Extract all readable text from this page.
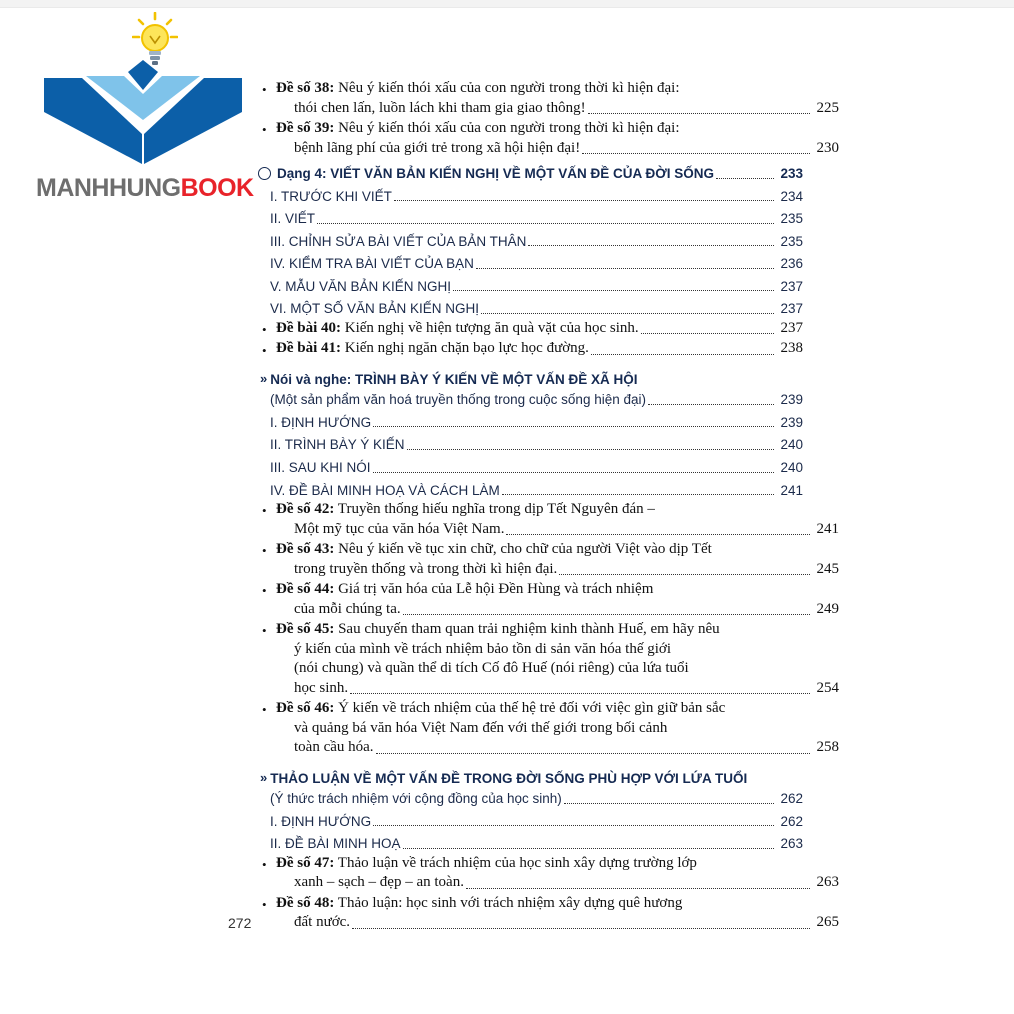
MANHHUNGBOOK
• Đề số 38: Nêu ý kiến thói xấu của con người trong thời kì hiện đại:
thói chen lấn, luồn lách khi tham gia giao thông!	225
• Đề số 39: Nêu ý kiến thói xấu của con người trong thời kì hiện đại:
bệnh lãng phí của giới trẻ trong xã hội hiện đại!	230
Dạng 4: VIẾT VĂN BẢN KIẾN NGHỊ VỀ MỘT VẤN ĐỀ CỦA ĐỜI SỐNG	233
I. TRƯỚC KHI VIẾT	234
II. VIẾT	235
III. CHỈNH SỬA BÀI VIẾT CỦA BẢN THÂN	235
IV. KIỂM TRA BÀI VIẾT CỦA BẠN	236
V. MẪU VĂN BẢN KIẾN NGHỊ	237
VI. MỘT SỐ VĂN BẢN KIẾN NGHỊ	237
• Đề bài 40: Kiến nghị về hiện tượng ăn quà vặt của học sinh.	237
• Đề bài 41: Kiến nghị ngăn chặn bạo lực học đường.	238
» Nói và nghe: TRÌNH BÀY Ý KIẾN VỀ MỘT VẤN ĐỀ XÃ HỘI
(Một sản phẩm văn hoá truyền thống trong cuộc sống hiện đại)	239
I. ĐỊNH HƯỚNG	239
II. TRÌNH BÀY Ý KIẾN	240
III. SAU KHI NÓI	240
IV. ĐỀ BÀI MINH HOẠ VÀ CÁCH LÀM	241
• Đề số 42: Truyền thống hiếu nghĩa trong dịp Tết Nguyên đán –
Một mỹ tục của văn hóa Việt Nam.	241
• Đề số 43: Nêu ý kiến về tục xin chữ, cho chữ của người Việt vào dịp Tết
trong truyền thống và trong thời kì hiện đại.	245
• Đề số 44: Giá trị văn hóa của Lễ hội Đền Hùng và trách nhiệm
của mỗi chúng ta.	249
• Đề số 45: Sau chuyến tham quan trải nghiệm kinh thành Huế, em hãy nêu
ý kiến của mình về trách nhiệm bảo tồn di sản văn hóa thế giới
(nói chung) và quần thể di tích Cố đô Huế (nói riêng) của lứa tuổi
học sinh.	254
• Đề số 46: Ý kiến về trách nhiệm của thế hệ trẻ đối với việc gìn giữ bản sắc
và quảng bá văn hóa Việt Nam đến với thế giới trong bối cảnh
toàn cầu hóa.	258
» THẢO LUẬN VỀ MỘT VẤN ĐỀ TRONG ĐỜI SỐNG PHÙ HỢP VỚI LỨA TUỔI
(Ý thức trách nhiệm với cộng đồng của học sinh)	262
I. ĐỊNH HƯỚNG	262
II. ĐỀ BÀI MINH HOẠ	263
• Đề số 47: Thảo luận về trách nhiệm của học sinh xây dựng trường lớp
xanh – sạch – đẹp – an toàn.	263
• Đề số 48: Thảo luận: học sinh với trách nhiệm xây dựng quê hương
đất nước.	265
272
